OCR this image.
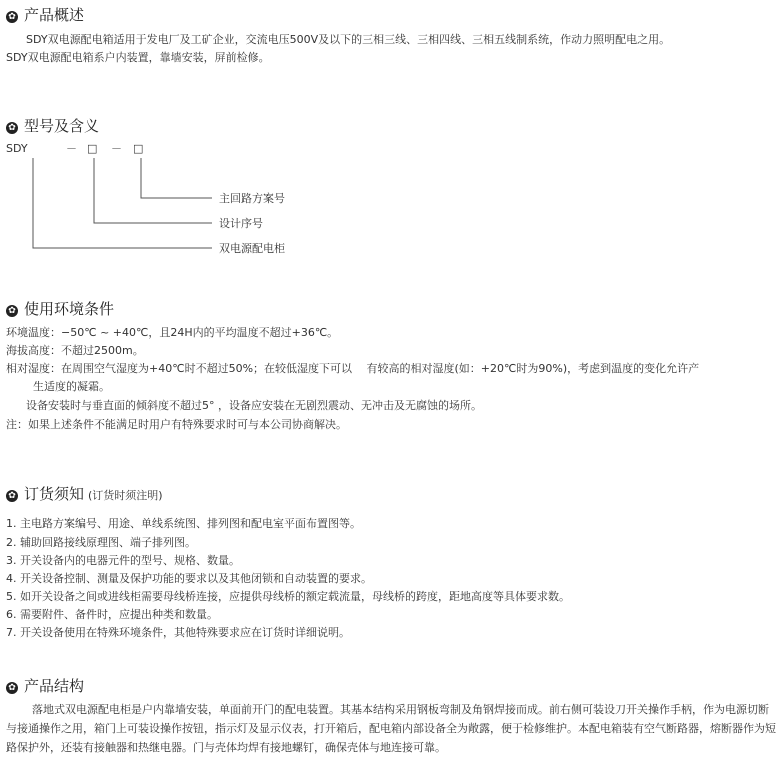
✿ 产品概述
SDY双电源配电箱适用于发电厂及工矿企业，交流电压500V及以下的三相三线、三相四线、三相五线制系统，作动力照明配电之用。
SDY双电源配电箱系户内装置，靠墙安装，屏前检修。
✿ 型号及含义
SDY	－ □ － □
主回路方案号
设计序号
双电源配电柜
✿ 使用环境条件
环境温度：−50℃ ~ +40℃，且24H内的平均温度不超过+36℃。
海拔高度：不超过2500m。
相对湿度：在周围空气湿度为+40℃时不超过50%；在较低湿度下可以　 有较高的相对湿度(如：+20℃时为90%)，考虑到温度的变化允许产
生适度的凝霜。
设备安装时与垂直面的倾斜度不超过5° ，设备应安装在无剧烈震动、无冲击及无腐蚀的场所。
注：如果上述条件不能满足时用户有特殊要求时可与本公司协商解决。
✿ 订货须知 (订货时须注明)
1. 主电路方案编号、用途、单线系统图、排列图和配电室平面布置图等。
2. 辅助回路接线原理图、端子排列图。
3. 开关设备内的电器元件的型号、规格、数量。
4. 开关设备控制、测量及保护功能的要求以及其他闭锁和自动装置的要求。
5. 如开关设备之间或进线柜需要母线桥连接，应提供母线桥的额定载流量，母线桥的跨度，距地高度等具体要求数。
6. 需要附件、备件时，应提出种类和数量。
7. 开关设备使用在特殊环境条件，其他特殊要求应在订货时详细说明。
✿ 产品结构
落地式双电源配电柜是户内靠墙安装，单面前开门的配电装置。其基本结构采用钢板弯制及角钢焊接而成。前右侧可装设刀开关操作手柄，作为电源切断与接通操作之用，箱门上可装设操作按钮，指示灯及显示仪表，打开箱后，配电箱内部设备全为敞露，便于检修维护。本配电箱装有空气断路器，熔断器作为短路保护外，还装有接触器和热继电器。门与壳体均焊有接地螺钉，确保壳体与地连接可靠。
